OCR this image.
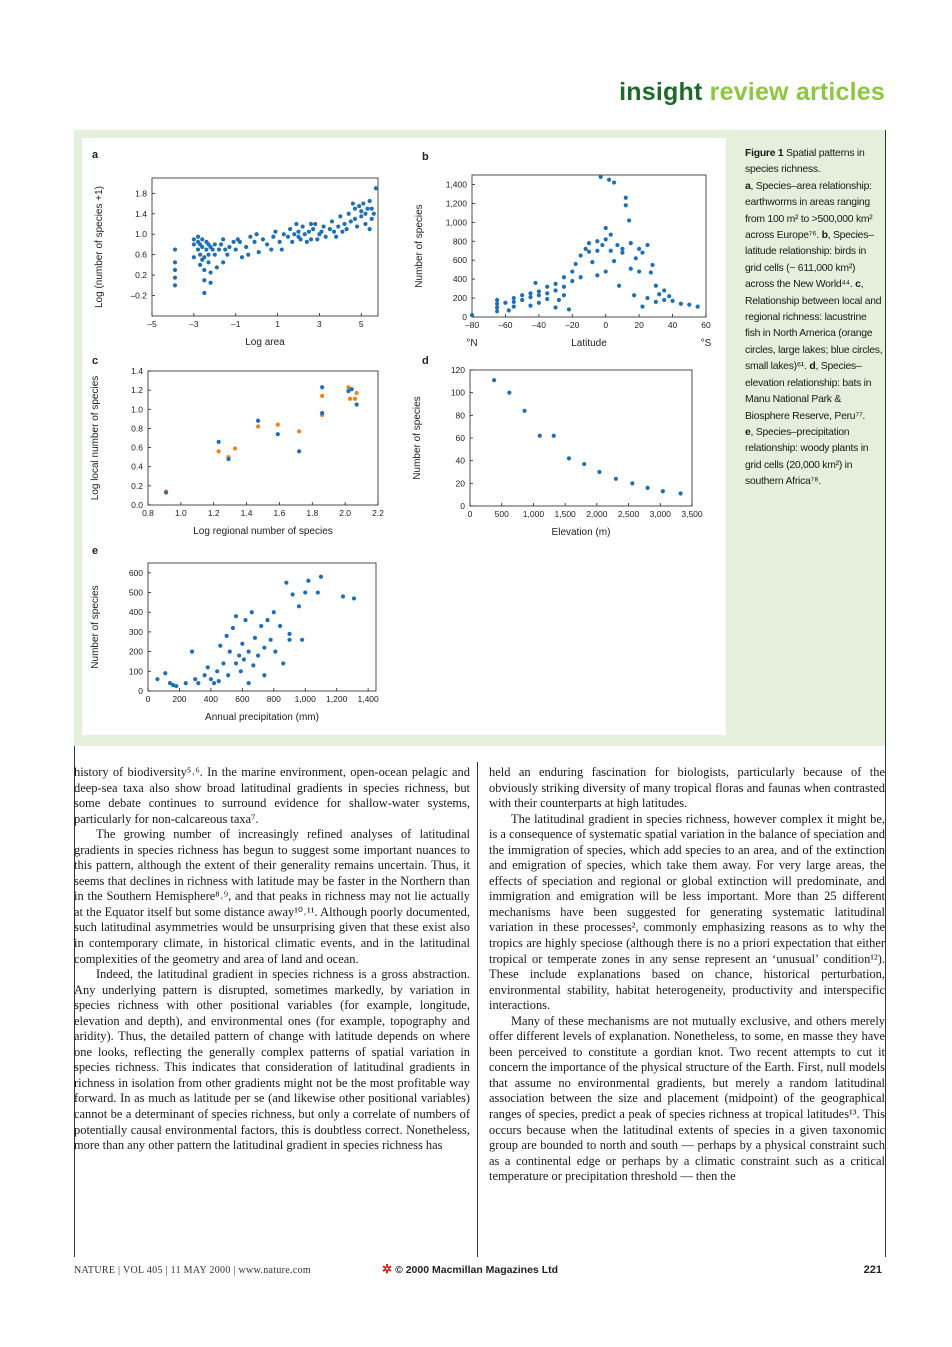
insight review articles
a
–5	–3	–1	1	3	5
–0.2
0.2
0.6
1.0
1.4
1.8
Log area
Log (number of species +1)
b
–80 –60 –40 –20	0	20	40	60
0
200
400
600
800
1,000
1,200
1,400
Latitude
Number of species
°N	°S
c
0.8 1.0 1.2 1.4 1.6 1.8 2.0 2.2
0.0
0.2
0.4
0.6
0.8
1.0
1.2
1.4
Log regional number of species
Log local number of species
d
0	500 1,000 1,500 2,000 2,500 3,000 3,500
0
20
40
60
80
100
120
Elevation (m)
Number of species
e
0	200 400 600 800 1,000 1,200 1,400
0
100
200
300
400
500
600
Annual precipitation (mm)
Number of species
Figure 1 Spatial patterns in species richness.
a, Species–area relationship: earthworms in areas ranging from 100 m² to >500,000 km² across Europe⁷⁶. b, Species–latitude relationship: birds in grid cells (~ 611,000 km²) across the New World⁴⁴. c, Relationship between local and regional richness: lacustrine fish in North America (orange circles, large lakes; blue circles, small lakes)⁶¹. d, Species–elevation relationship: bats in Manu National Park & Biosphere Reserve, Peru⁷⁷.
e, Species–precipitation relationship: woody plants in grid cells (20,000 km²) in southern Africa⁷⁸.

history of biodiversity⁵˒⁶. In the marine environment, open-ocean pelagic and deep-sea taxa also show broad latitudinal gradients in species richness, but some debate continues to surround evidence for shallow-water systems, particularly for non-calcareous taxa⁷.

The growing number of increasingly refined analyses of latitudinal gradients in species richness has begun to suggest some important nuances to this pattern, although the extent of their generality remains uncertain. Thus, it seems that declines in richness with latitude may be faster in the Northern than in the Southern Hemisphere⁸˒⁹, and that peaks in richness may not lie actually at the Equator itself but some distance away¹⁰˒¹¹. Although poorly documented, such latitudinal asymmetries would be unsurprising given that these exist also in contemporary climate, in historical climatic events, and in the latitudinal complexities of the geometry and area of land and ocean.

Indeed, the latitudinal gradient in species richness is a gross abstraction. Any underlying pattern is disrupted, sometimes markedly, by variation in species richness with other positional variables (for example, longitude, elevation and depth), and environmental ones (for example, topography and aridity). Thus, the detailed pattern of change with latitude depends on where one looks, reflecting the generally complex patterns of spatial variation in species richness. This indicates that consideration of latitudinal gradients in richness in isolation from other gradients might not be the most profitable way forward. In as much as latitude per se (and likewise other positional variables) cannot be a determinant of species richness, but only a correlate of numbers of potentially causal environmental factors, this is doubtless correct. Nonetheless, more than any other pattern the latitudinal gradient in species richness has

held an enduring fascination for biologists, particularly because of the obviously striking diversity of many tropical floras and faunas when contrasted with their counterparts at high latitudes.

The latitudinal gradient in species richness, however complex it might be, is a consequence of systematic spatial variation in the balance of speciation and the immigration of species, which add species to an area, and of the extinction and emigration of species, which take them away. For very large areas, the effects of speciation and regional or global extinction will predominate, and immigration and emigration will be less important. More than 25 different mechanisms have been suggested for generating systematic latitudinal variation in these processes², commonly emphasizing reasons as to why the tropics are highly speciose (although there is no a priori expectation that either tropical or temperate zones in any sense represent an ‘unusual’ condition¹²). These include explanations based on chance, historical perturbation, environmental stability, habitat heterogeneity, productivity and interspecific interactions.

Many of these mechanisms are not mutually exclusive, and others merely offer different levels of explanation. Nonetheless, to some, en masse they have been perceived to constitute a gordian knot. Two recent attempts to cut it concern the importance of the physical structure of the Earth. First, null models that assume no environmental gradients, but merely a random latitudinal association between the size and placement (midpoint) of the geographical ranges of species, predict a peak of species richness at tropical latitudes¹³. This occurs because when the latitudinal extents of species in a given taxonomic group are bounded to north and south — perhaps by a physical constraint such as a continental edge or perhaps by a climatic constraint such as a critical temperature or precipitation threshold — then the

NATURE | VOL 405 | 11 MAY 2000 | www.nature.com	✲ © 2000 Macmillan Magazines Ltd	221
